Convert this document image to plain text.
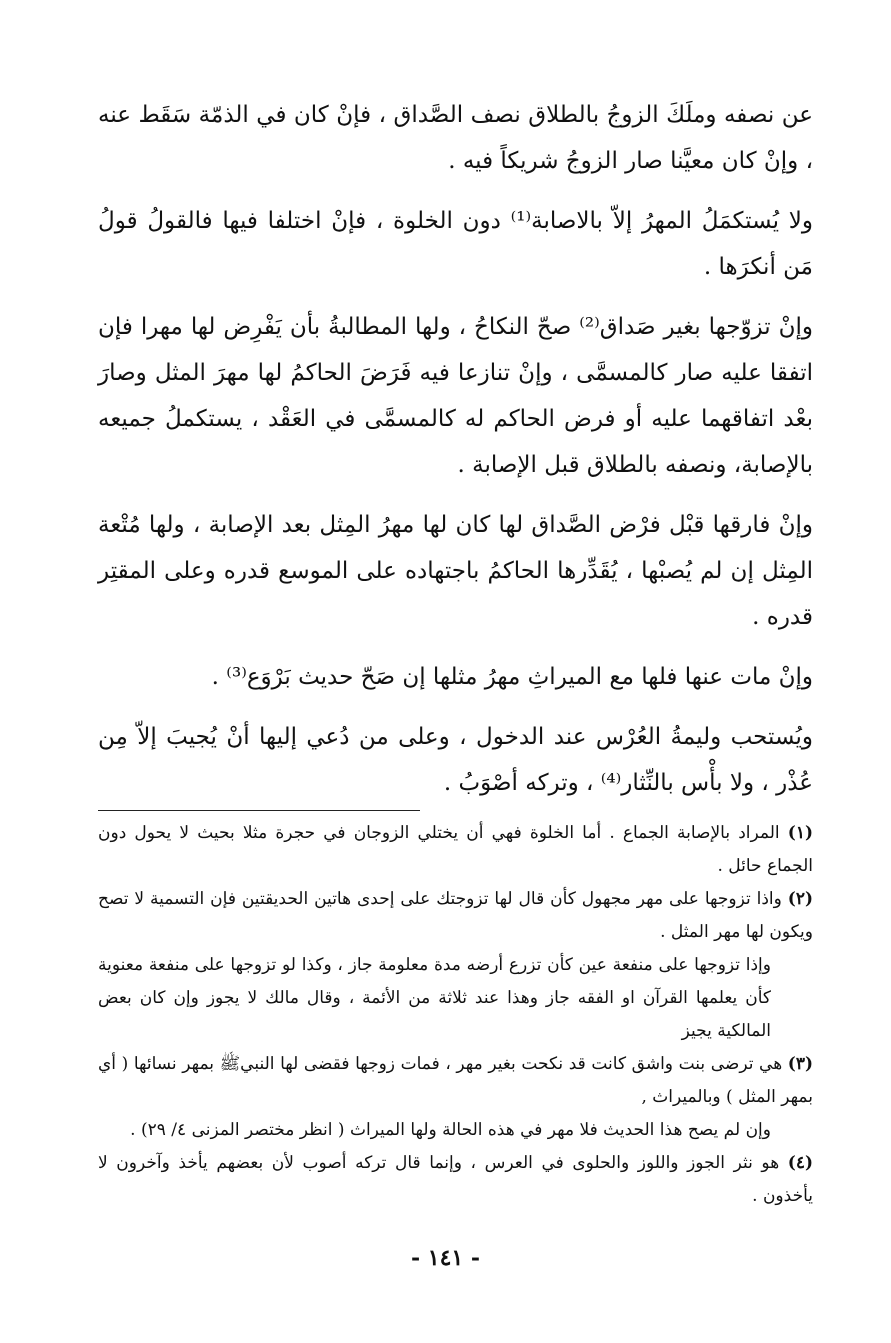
عن نصفه وملَكَ الزوجُ بالطلاق نصف الصَّداق ، فإنْ كان في الذمّة سَقَط عنه ، وإنْ كان معيَّنا صار الزوجُ شريكاً فيه .

ولا يُستكمَلُ المهرُ إلاّ بالاصابة⁽¹⁾ دون الخلوة ، فإنْ اختلفا فيها فالقولُ قولُ مَن أنكرَها .

وإنْ تزوّجها بغير صَداق⁽²⁾ صحّ النكاحُ ، ولها المطالبةُ بأن يَفْرِض لها مهرا فإن اتفقا عليه صار كالمسمَّى ، وإنْ تنازعا فيه فَرَضَ الحاكمُ لها مهرَ المثل وصارَ بعْد اتفاقهما عليه أو فرض الحاكم له كالمسمَّى في العَقْد ، يستكملُ جميعه بالإصابة، ونصفه بالطلاق قبل الإصابة .

وإنْ فارقها قبْل فرْض الصَّداق لها كان لها مهرُ المِثل بعد الإصابة ، ولها مُتْعة المِثل إن لم يُصبْها ، يُقَدِّرها الحاكمُ باجتهاده على الموسع قدره وعلى المقتِر قدره .

وإنْ مات عنها فلها مع الميراثِ مهرُ مثلها إن صَحّ حديث بَرْوَع⁽³⁾ .

ويُستحب وليمةُ العُرْس عند الدخول ، وعلى من دُعي إليها أنْ يُجيبَ إلاّ مِن عُذْر ، ولا بأْس بالنِّثار⁽⁴⁾ ، وتركه أصْوَبُ .

(١) المراد بالإصابة الجماع . أما الخلوة فهي أن يختلي الزوجان في حجرة مثلا بحيث لا يحول دون الجماع حائل .

(٢) واذا تزوجها على مهر مجهول كأن قال لها تزوجتك على إحدى هاتين الحديقتين فإن التسمية لا تصح ويكون لها مهر المثل .

وإذا تزوجها على منفعة عين كأن تزرع أرضه مدة معلومة جاز ، وكذا لو تزوجها على منفعة معنوية كأن يعلمها القرآن او الفقه جاز وهذا عند ثلاثة من الأئمة ، وقال مالك لا يجوز وإن كان بعض المالكية يجيز

(٣) هي ترضى بنت واشق كانت قد نكحت بغير مهر ، فمات زوجها فقضى لها النبيﷺ بمهر نسائها ( أي بمهر المثل ) وبالميراث ,

وإن لم يصح هذا الحديث فلا مهر في هذه الحالة ولها الميراث ( انظر مختصر المزنى ٤/ ٢٩) .

(٤) هو نثر الجوز واللوز والحلوى في العرس ، وإنما قال تركه أصوب لأن بعضهم يأخذ وآخرون لا يأخذون .

- ١٤١ -
